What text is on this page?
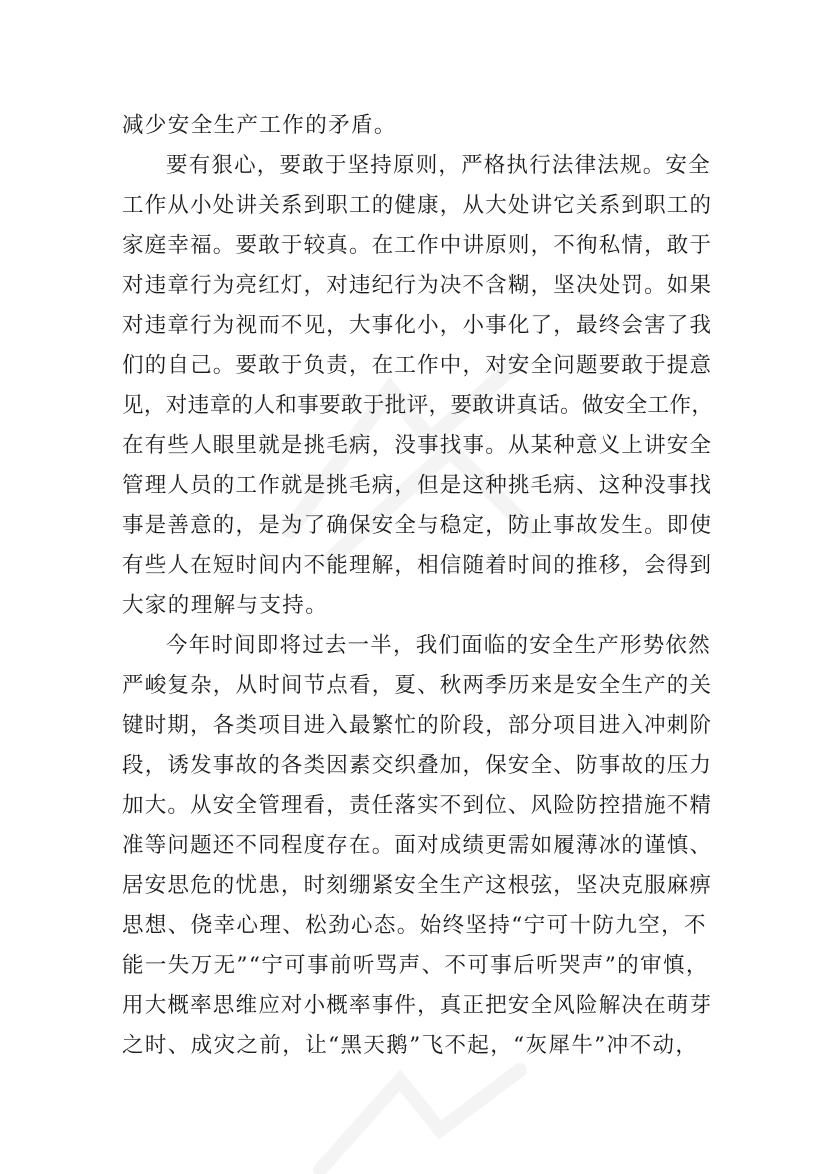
减少安全生产工作的矛盾。
要有狠心，要敢于坚持原则，严格执行法律法规。安全
工作从小处讲关系到职工的健康，从大处讲它关系到职工的
家庭幸福。要敢于较真。在工作中讲原则，不徇私情，敢于
对违章行为亮红灯，对违纪行为决不含糊，坚决处罚。如果
对违章行为视而不见，大事化小，小事化了，最终会害了我
们的自己。要敢于负责，在工作中，对安全问题要敢于提意
见，对违章的人和事要敢于批评，要敢讲真话。做安全工作，
在有些人眼里就是挑毛病，没事找事。从某种意义上讲安全
管理人员的工作就是挑毛病，但是这种挑毛病、这种没事找
事是善意的，是为了确保安全与稳定，防止事故发生。即使
有些人在短时间内不能理解，相信随着时间的推移，会得到
大家的理解与支持。
今年时间即将过去一半，我们面临的安全生产形势依然
严峻复杂，从时间节点看，夏、秋两季历来是安全生产的关
键时期，各类项目进入最繁忙的阶段，部分项目进入冲刺阶
段，诱发事故的各类因素交织叠加，保安全、防事故的压力
加大。从安全管理看，责任落实不到位、风险防控措施不精
准等问题还不同程度存在。面对成绩更需如履薄冰的谨慎、
居安思危的忧患，时刻绷紧安全生产这根弦，坚决克服麻痹
思想、侥幸心理、松劲心态。始终坚持“宁可十防九空，不
能一失万无”“宁可事前听骂声、不可事后听哭声”的审慎，
用大概率思维应对小概率事件，真正把安全风险解决在萌芽
之时、成灾之前，让“黑天鹅”飞不起，“灰犀牛”冲不动，
